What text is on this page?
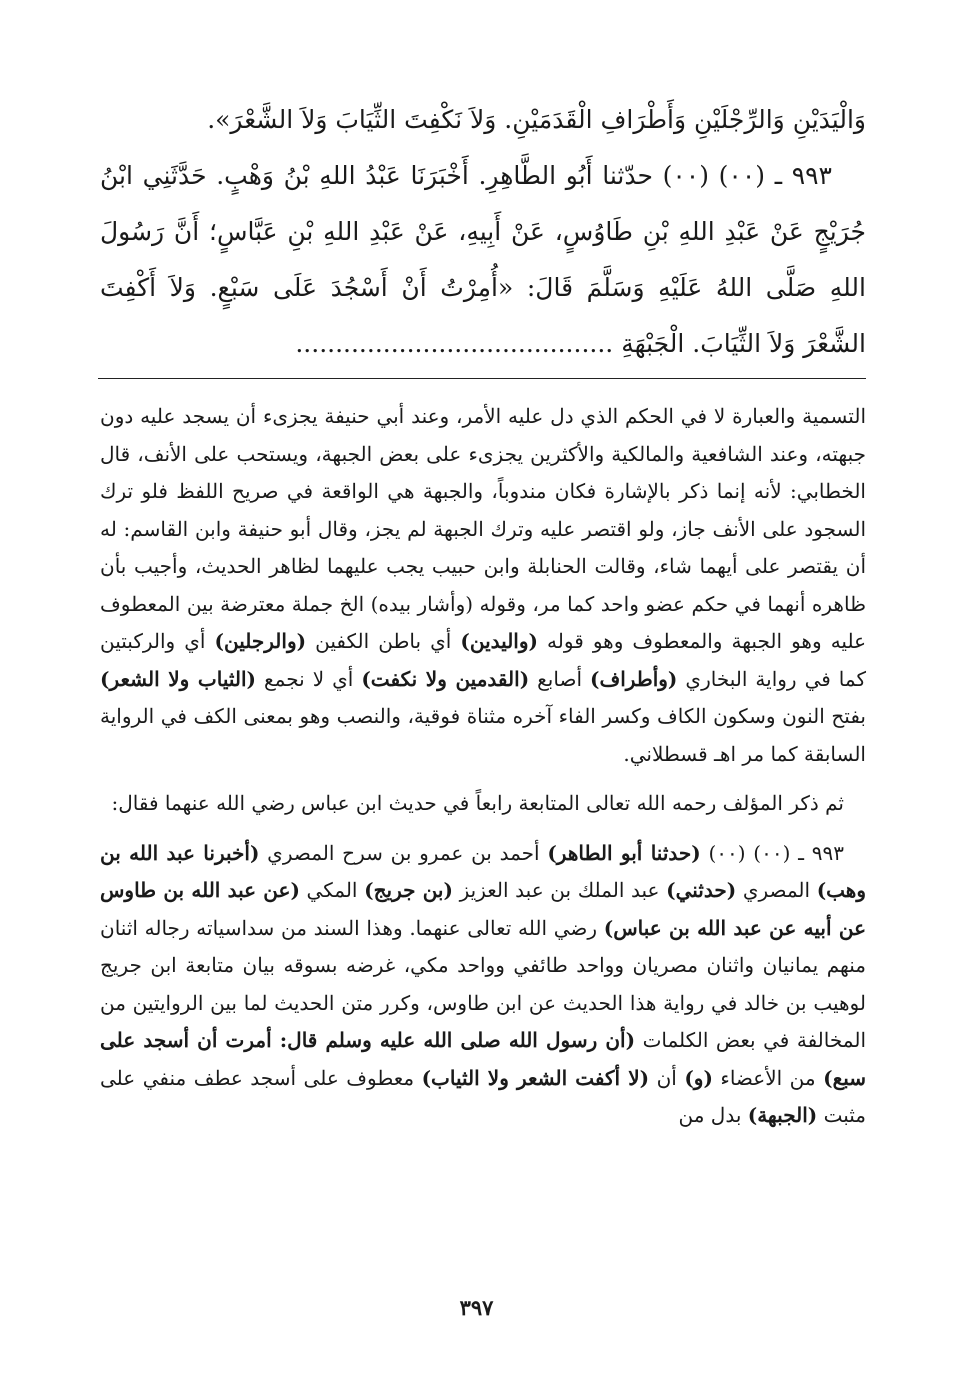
وَالْيَدَيْنِ وَالرِّجْلَيْنِ وَأَطْرَافِ الْقَدَمَيْنِ. وَلاَ نَكْفِتَ الثِّيَابَ وَلاَ الشَّعْرَ».

٩٩٣ ـ (٠٠) (٠٠) حدّثنا أَبُو الطَّاهِرِ. أَخْبَرَنَا عَبْدُ اللهِ بْنُ وَهْبٍ. حَدَّثَنِي ابْنُ جُرَيْجٍ عَنْ عَبْدِ اللهِ بْنِ طَاوُسٍ، عَنْ أَبِيهِ، عَنْ عَبْدِ اللهِ بْنِ عَبَّاسٍ؛ أَنَّ رَسُولَ اللهِ صَلَّى اللهُ عَلَيْهِ وَسَلَّمَ قَالَ: «أُمِرْتُ أَنْ أَسْجُدَ عَلَى سَبْعٍ. وَلاَ أَكْفِتَ الشَّعْرَ وَلاَ الثِّيَابَ. الْجَبْهَةِ ........................................

التسمية والعبارة لا في الحكم الذي دل عليه الأمر، وعند أبي حنيفة يجزىء أن يسجد عليه دون جبهته، وعند الشافعية والمالكية والأكثرين يجزىء على بعض الجبهة، ويستحب على الأنف، قال الخطابي: لأنه إنما ذكر بالإشارة فكان مندوباً، والجبهة هي الواقعة في صريح اللفظ فلو ترك السجود على الأنف جاز، ولو اقتصر عليه وترك الجبهة لم يجز، وقال أبو حنيفة وابن القاسم: له أن يقتصر على أيهما شاء، وقالت الحنابلة وابن حبيب يجب عليهما لظاهر الحديث، وأجيب بأن ظاهره أنهما في حكم عضو واحد كما مر، وقوله (وأشار بيده) الخ جملة معترضة بين المعطوف عليه وهو الجبهة والمعطوف وهو قوله (واليدين) أي باطن الكفين (والرجلين) أي والركبتين كما في رواية البخاري (وأطراف) أصابع (القدمين ولا نكفت) أي لا نجمع (الثياب ولا الشعر) بفتح النون وسكون الكاف وكسر الفاء آخره مثناة فوقية، والنصب وهو بمعنى الكف في الرواية السابقة كما مر اهـ قسطلاني.

ثم ذكر المؤلف رحمه الله تعالى المتابعة رابعاً في حديث ابن عباس رضي الله عنهما فقال:

٩٩٣ ـ (٠٠) (٠٠) (حدثنا أبو الطاهر) أحمد بن عمرو بن سرح المصري (أخبرنا عبد الله بن وهب) المصري (حدثني) عبد الملك بن عبد العزيز (بن جريج) المكي (عن عبد الله بن طاوس عن أبيه عن عبد الله بن عباس) رضي الله تعالى عنهما. وهذا السند من سداسياته رجاله اثنان منهم يمانيان واثنان مصريان وواحد طائفي وواحد مكي، غرضه بسوقه بيان متابعة ابن جريج لوهيب بن خالد في رواية هذا الحديث عن ابن طاوس، وكرر متن الحديث لما بين الروايتين من المخالفة في بعض الكلمات (أن رسول الله صلى الله عليه وسلم قال: أمرت أن أسجد على سبع) من الأعضاء (و) أن (لا أكفت الشعر ولا الثياب) معطوف على أسجد عطف منفي على مثبت (الجبهة) بدل من

٣٩٧
